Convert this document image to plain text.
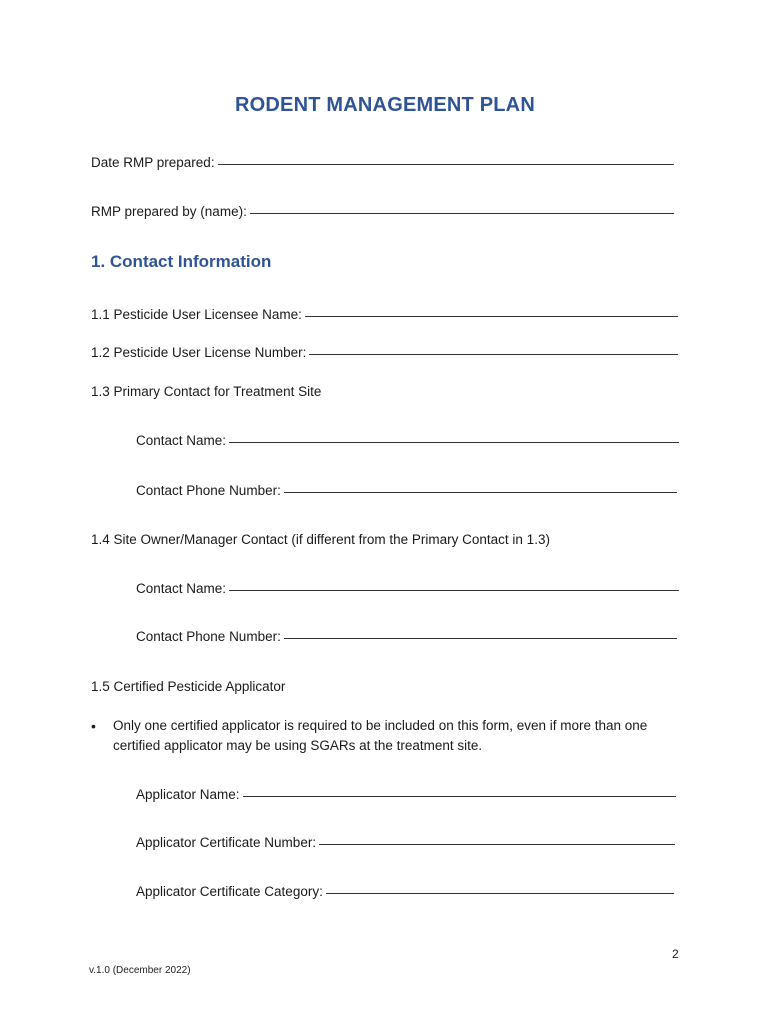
RODENT MANAGEMENT PLAN
Date RMP prepared:
RMP prepared by (name):
1. Contact Information
1.1 Pesticide User Licensee Name:
1.2 Pesticide User License Number:
1.3 Primary Contact for Treatment Site
Contact Name:
Contact Phone Number:
1.4 Site Owner/Manager Contact (if different from the Primary Contact in 1.3)
Contact Name:
Contact Phone Number:
1.5 Certified Pesticide Applicator
•	Only one certified applicator is required to be included on this form, even if more than one certified applicator may be using SGARs at the treatment site.
Applicator Name:
Applicator Certificate Number:
Applicator Certificate Category:
2
v.1.0 (December 2022)
